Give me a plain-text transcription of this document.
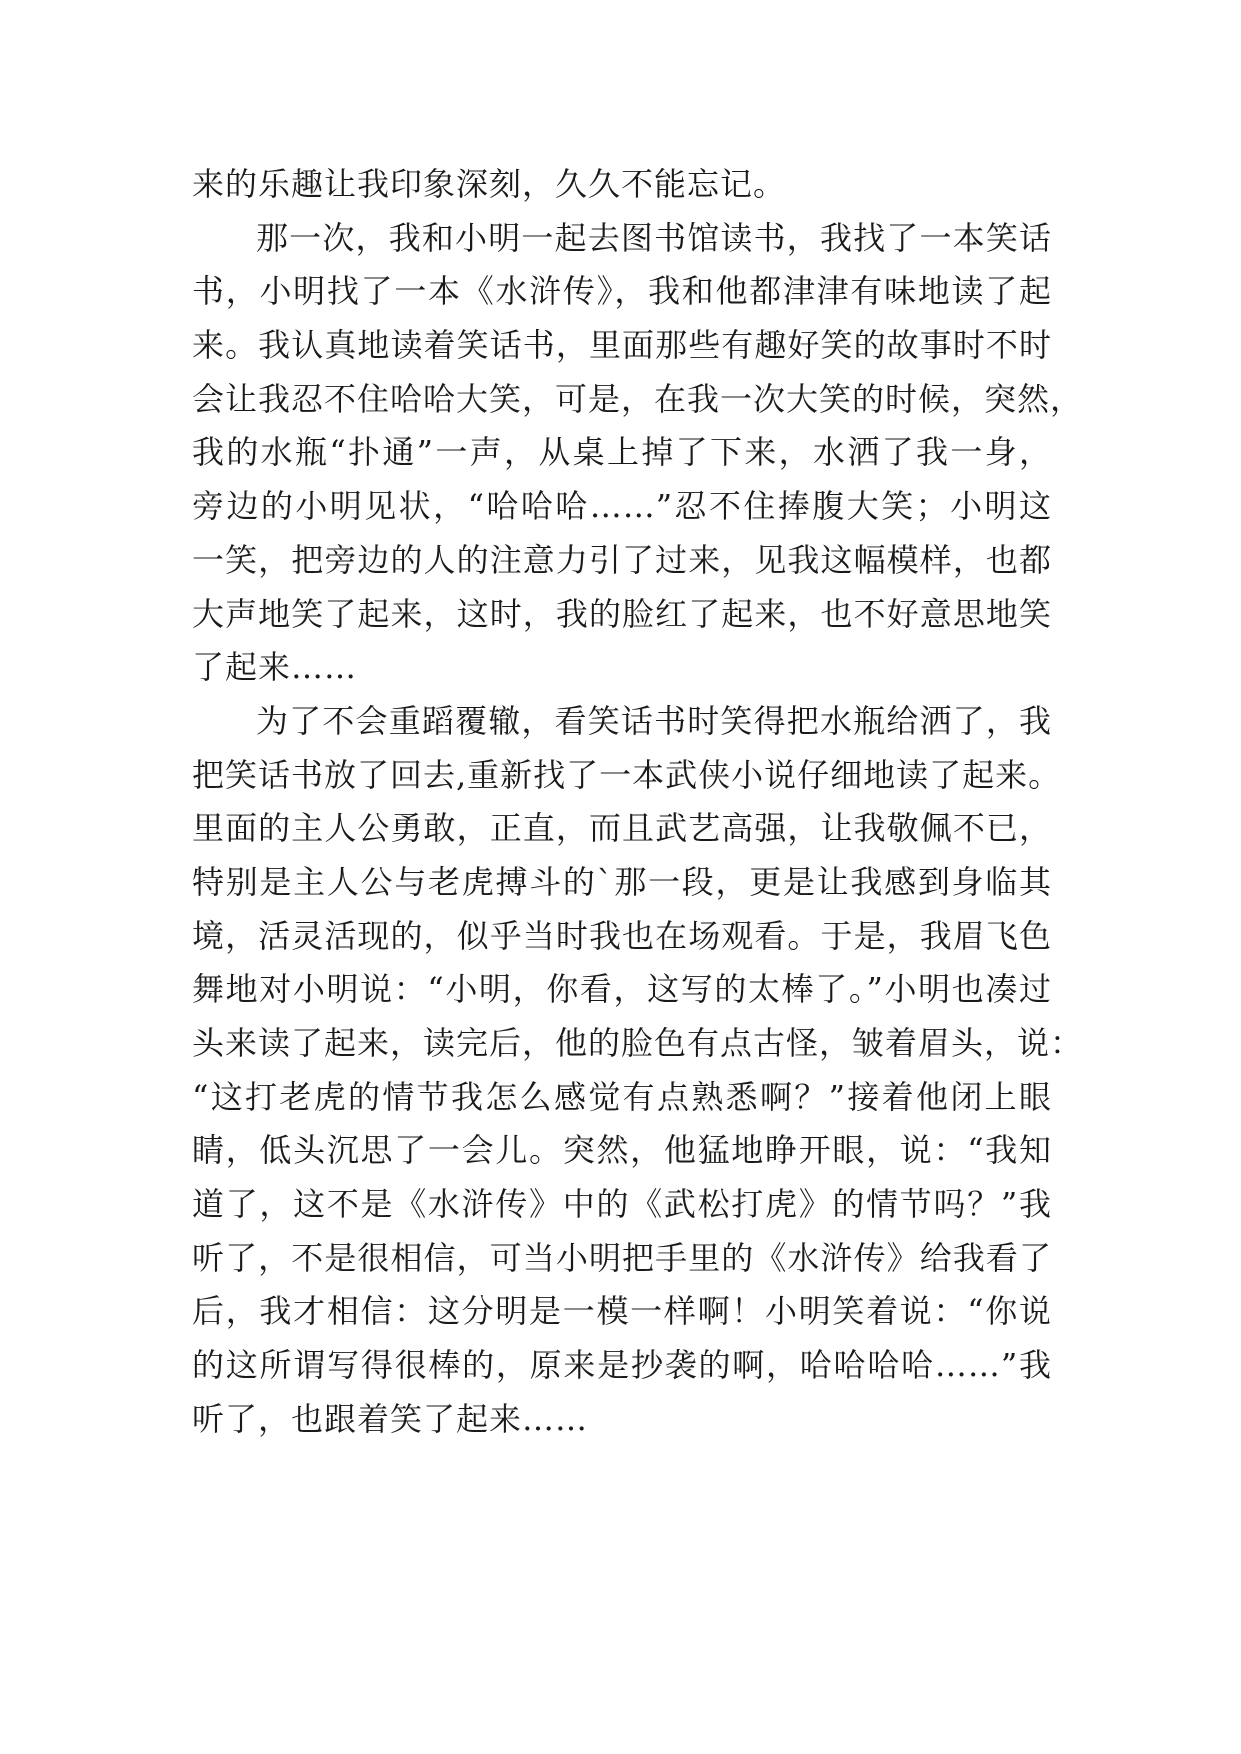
来的乐趣让我印象深刻，久久不能忘记。
那一次，我和小明一起去图书馆读书，我找了一本笑话
书，小明找了一本《水浒传》，我和他都津津有味地读了起
来。我认真地读着笑话书，里面那些有趣好笑的故事时不时
会让我忍不住哈哈大笑，可是，在我一次大笑的时候，突然，
我的水瓶“扑通”一声，从桌上掉了下来，水洒了我一身，
旁边的小明见状，“哈哈哈……”忍不住捧腹大笑；小明这
一笑，把旁边的人的注意力引了过来，见我这幅模样，也都
大声地笑了起来，这时，我的脸红了起来，也不好意思地笑
了起来……
为了不会重蹈覆辙，看笑话书时笑得把水瓶给洒了，我
把笑话书放了回去,重新找了一本武侠小说仔细地读了起来。
里面的主人公勇敢，正直，而且武艺高强，让我敬佩不已，
特别是主人公与老虎搏斗的`那一段，更是让我感到身临其
境，活灵活现的，似乎当时我也在场观看。于是，我眉飞色
舞地对小明说：“小明，你看，这写的太棒了。”小明也凑过
头来读了起来，读完后，他的脸色有点古怪，皱着眉头，说：
“这打老虎的情节我怎么感觉有点熟悉啊？”接着他闭上眼
睛，低头沉思了一会儿。突然，他猛地睁开眼，说：“我知
道了，这不是《水浒传》中的《武松打虎》的情节吗？”我
听了，不是很相信，可当小明把手里的《水浒传》给我看了
后，我才相信：这分明是一模一样啊！小明笑着说：“你说
的这所谓写得很棒的，原来是抄袭的啊，哈哈哈哈……”我
听了，也跟着笑了起来……
